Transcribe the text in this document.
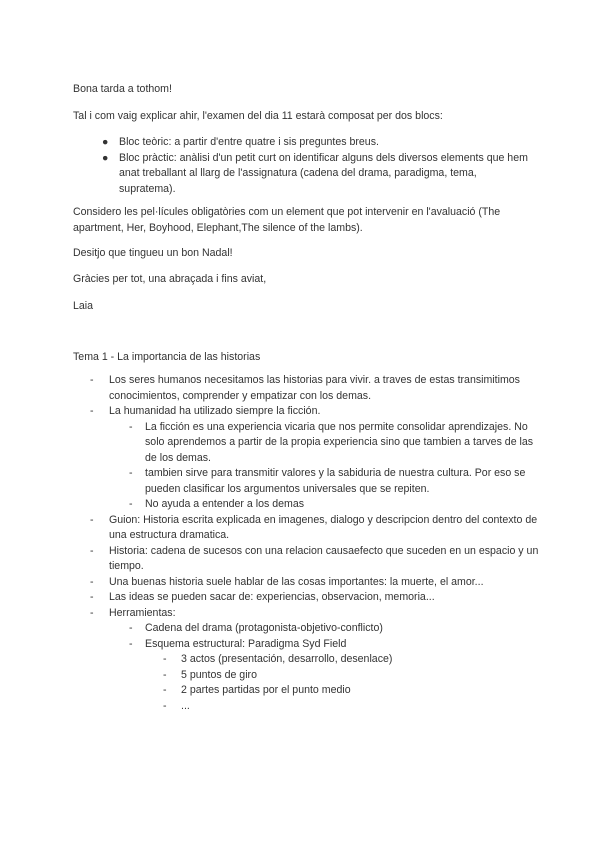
Bona tarda a tothom!

Tal i com vaig explicar ahir, l'examen del dia 11 estarà composat per dos blocs:

● Bloc teòric: a partir d'entre quatre i sis preguntes breus.
● Bloc pràctic: anàlisi d'un petit curt on identificar alguns dels diversos elements que hem anat treballant al llarg de l'assignatura (cadena del drama, paradigma, tema, supratema).

Considero les pel·lícules obligatòries com un element que pot intervenir en l'avaluació (The apartment, Her, Boyhood, Elephant,The silence of the lambs).

Desitjo que tingueu un bon Nadal!

Gràcies per tot, una abraçada i fins aviat,

Laia

Tema 1 - La importancia de las historias

- Los seres humanos necesitamos las historias para vivir. a traves de estas transimitimos conocimientos, comprender y empatizar con los demas.
- La humanidad ha utilizado siempre la ficción.
- La ficción es una experiencia vicaria que nos permite consolidar aprendizajes. No solo aprendemos a partir de la propia experiencia sino que tambien a tarves de las de los demas.
- tambien sirve para transmitir valores y la sabiduria de nuestra cultura. Por eso se pueden clasificar los argumentos universales que se repiten.
- No ayuda a entender a los demas
- Guion: Historia escrita explicada en imagenes, dialogo y descripcion dentro del contexto de una estructura dramatica.
- Historia: cadena de sucesos con una relacion causaefecto que suceden en un espacio y un tiempo.
- Una buenas historia suele hablar de las cosas importantes: la muerte, el amor...
- Las ideas se pueden sacar de: experiencias, observacion, memoria...
- Herramientas:
- Cadena del drama (protagonista-objetivo-conflicto)
- Esquema estructural: Paradigma Syd Field
- 3 actos (presentación, desarrollo, desenlace)
- 5 puntos de giro
- 2 partes partidas por el punto medio
- ...
